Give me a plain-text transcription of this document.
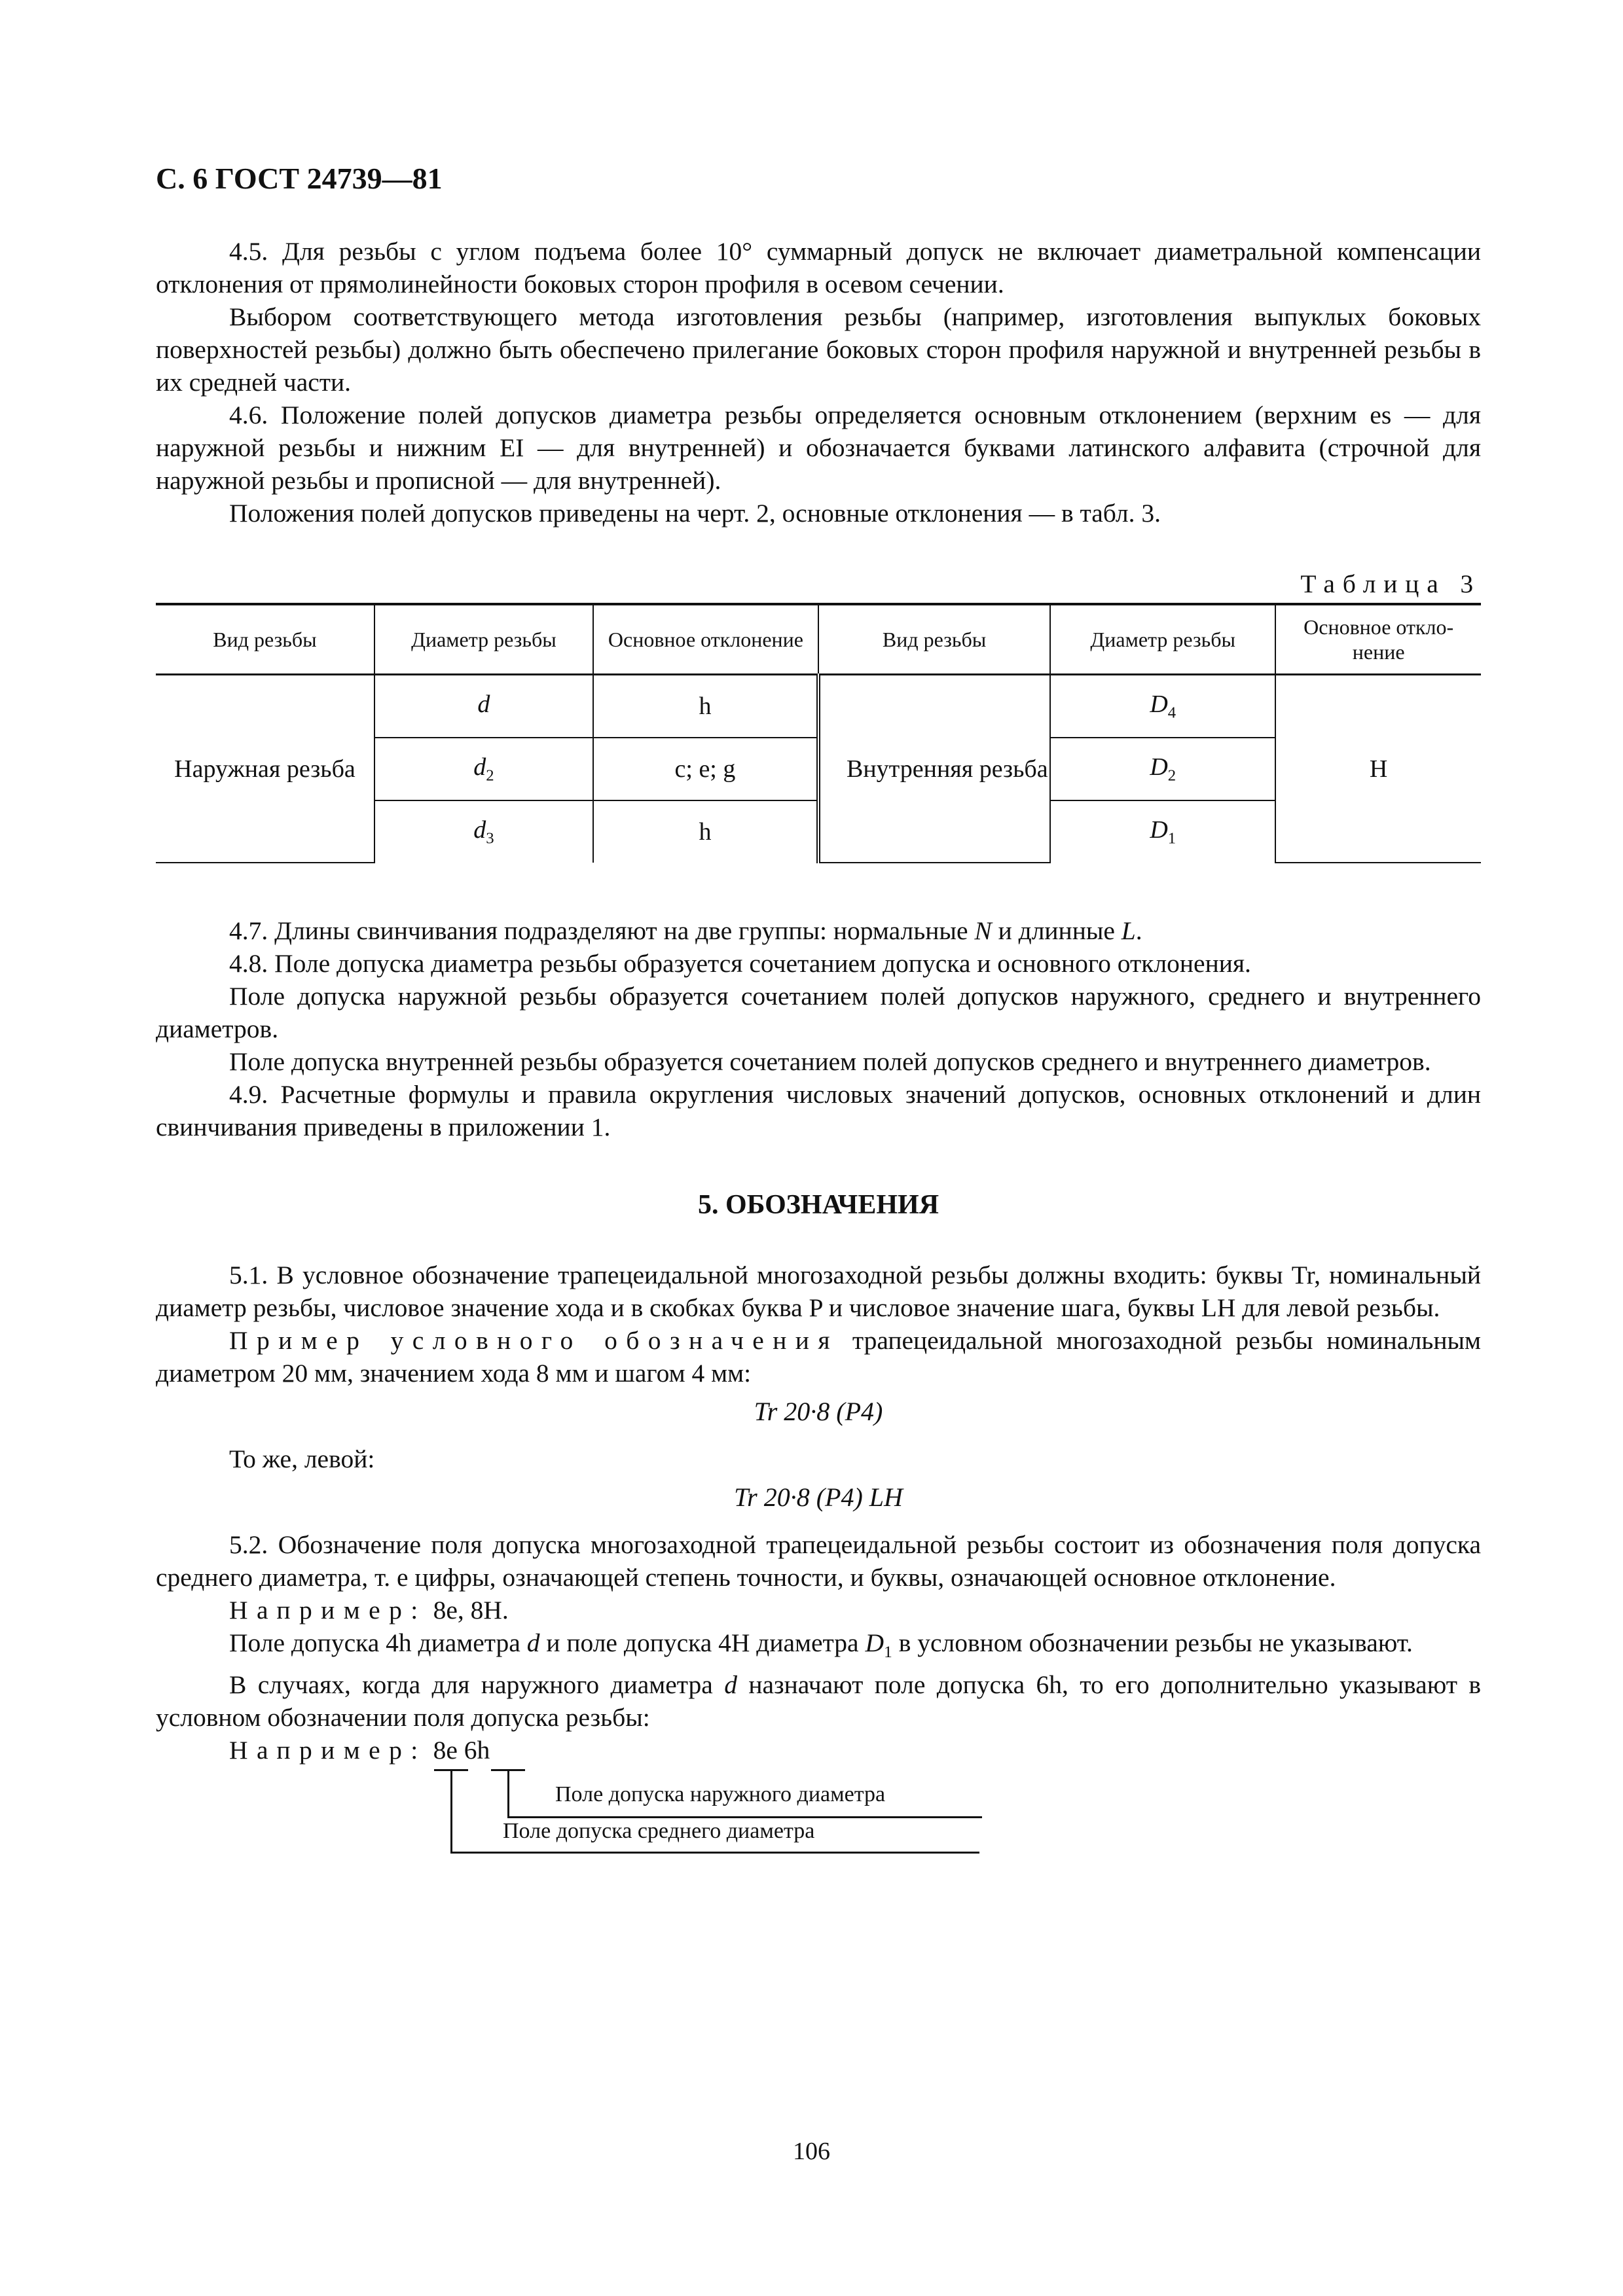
С. 6 ГОСТ 24739—81

4.5. Для резьбы с углом подъема более 10° суммарный допуск не включает диаметральной компенсации отклонения от прямолинейности боковых сторон профиля в осевом сечении.

Выбором соответствующего метода изготовления резьбы (например, изготовления выпуклых боковых поверхностей резьбы) должно быть обеспечено прилегание боковых сторон профиля наружной и внутренней резьбы в их средней части.

4.6. Положение полей допусков диаметра резьбы определяется основным отклонением (верхним es — для наружной резьбы и нижним EI — для внутренней) и обозначается буквами латинского алфавита (строчной для наружной резьбы и прописной — для внутренней).

Положения полей допусков приведены на черт. 2, основные отклонения — в табл. 3.

Таблица 3
Вид резьбы	Диаметр резьбы	Основное отклонение	Вид резьбы	Диаметр резьбы	Основное откло-нение
Наружная резьба	d	h	Внутренняя резьба	$D_4$	H
	$d_2$	c; e; g		$D_2$
	$d_3$	h		$D_1$

4.7. Длины свинчивания подразделяют на две группы: нормальные N и длинные L.

4.8. Поле допуска диаметра резьбы образуется сочетанием допуска и основного отклонения.

Поле допуска наружной резьбы образуется сочетанием полей допусков наружного, среднего и внутреннего диаметров.

Поле допуска внутренней резьбы образуется сочетанием полей допусков среднего и внутреннего диаметров.

4.9. Расчетные формулы и правила округления числовых значений допусков, основных отклонений и длин свинчивания приведены в приложении 1.

5. ОБОЗНАЧЕНИЯ

5.1. В условное обозначение трапецеидальной многозаходной резьбы должны входить: буквы Tr, номинальный диаметр резьбы, числовое значение хода и в скобках буква P и числовое значение шага, буквы LH для левой резьбы.

Пример условного обозначения трапецеидальной многозаходной резьбы номинальным диаметром 20 мм, значением хода 8 мм и шагом 4 мм:

Tr 20·8 (P4)

То же, левой:

Tr 20·8 (P4) LH

5.2. Обозначение поля допуска многозаходной трапецеидальной резьбы состоит из обозначения поля допуска среднего диаметра, т. е цифры, означающей степень точности, и буквы, означающей основное отклонение.

Например: 8e, 8H.

Поле допуска 4h диаметра d и поле допуска 4H диаметра $D_1$ в условном обозначении резьбы не указывают.

В случаях, когда для наружного диаметра d назначают поле допуска 6h, то его дополнительно указывают в условном обозначении поля допуска резьбы:

Например: 8e 6h

Поле допуска наружного диаметра
Поле допуска среднего диаметра
106
